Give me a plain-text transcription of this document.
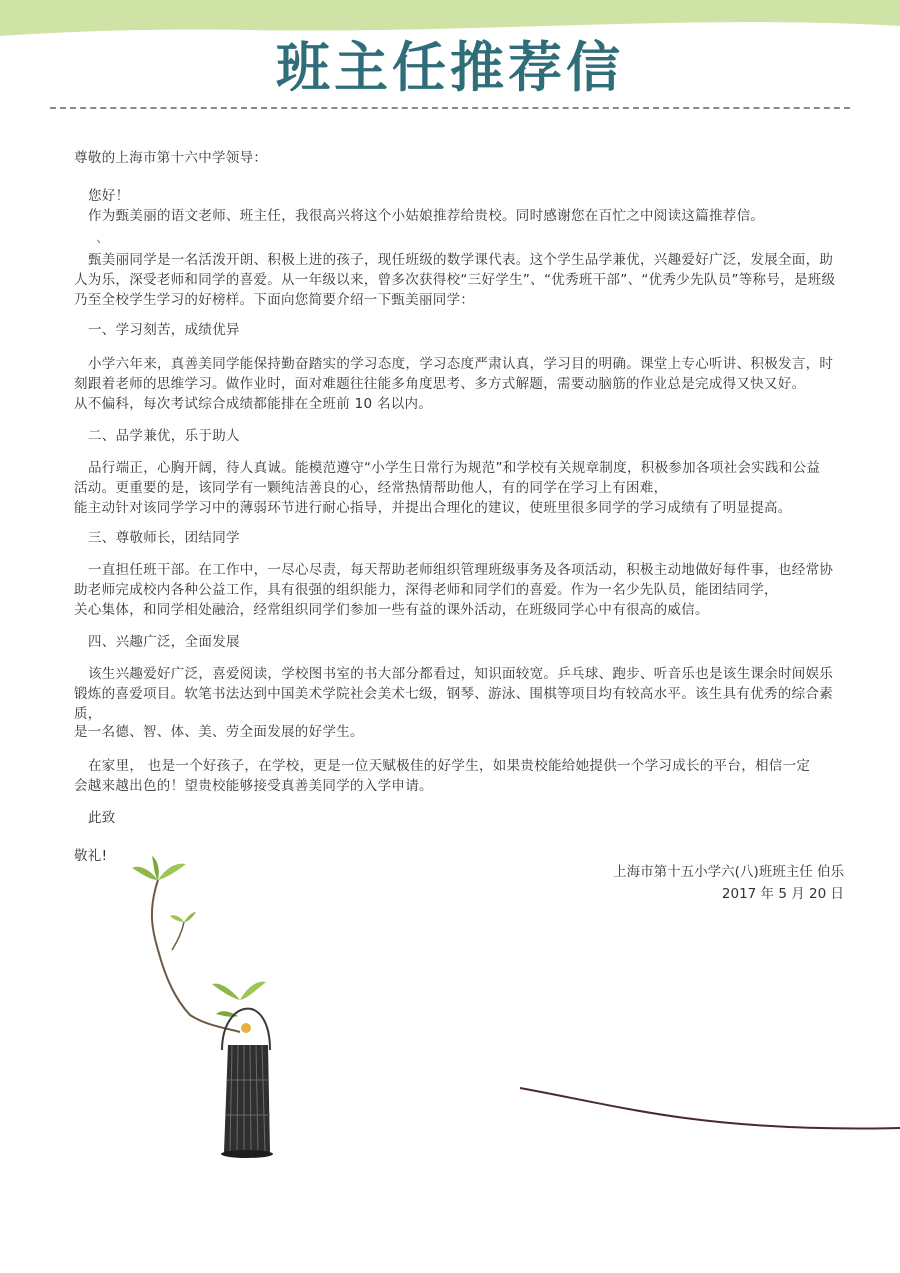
班主任推荐信

尊敬的上海市第十六中学领导：

您好！

作为甄美丽的语文老师、班主任，我很高兴将这个小姑娘推荐给贵校。同时感谢您在百忙之中阅读这篇推荐信。

、

甄美丽同学是一名活泼开朗、积极上进的孩子，现任班级的数学课代表。这个学生品学兼优，兴趣爱好广泛，发展全面，助

人为乐，深受老师和同学的喜爱。从一年级以来，曾多次获得校“三好学生”、“优秀班干部”、“优秀少先队员”等称号，是班级

乃至全校学生学习的好榜样。下面向您简要介绍一下甄美丽同学：

一、学习刻苦，成绩优异

小学六年来，真善美同学能保持勤奋踏实的学习态度，学习态度严肃认真，学习目的明确。课堂上专心听讲、积极发言，时

刻跟着老师的思维学习。做作业时，面对难题往往能多角度思考、多方式解题，需要动脑筋的作业总是完成得又快又好。

从不偏科，每次考试综合成绩都能排在全班前 10 名以内。

二、品学兼优，乐于助人

品行端正，心胸开阔，待人真诚。能模范遵守“小学生日常行为规范”和学校有关规章制度，积极参加各项社会实践和公益

活动。更重要的是，该同学有一颗纯洁善良的心，经常热情帮助他人，有的同学在学习上有困难，

能主动针对该同学学习中的薄弱环节进行耐心指导，并提出合理化的建议，使班里很多同学的学习成绩有了明显提高。

三、尊敬师长，团结同学

一直担任班干部。在工作中，一尽心尽责，每天帮助老师组织管理班级事务及各项活动，积极主动地做好每件事，也经常协

助老师完成校内各种公益工作，具有很强的组织能力，深得老师和同学们的喜爱。作为一名少先队员，能团结同学，

关心集体，和同学相处融洽，经常组织同学们参加一些有益的课外活动，在班级同学心中有很高的威信。

四、兴趣广泛，全面发展

该生兴趣爱好广泛，喜爱阅读，学校图书室的书大部分都看过，知识面较宽。乒乓球、跑步、听音乐也是该生课余时间娱乐

锻炼的喜爱项目。软笔书法达到中国美术学院社会美术七级，钢琴、游泳、围棋等项目均有较高水平。该生具有优秀的综合素

质，

是一名德、智、体、美、劳全面发展的好学生。

在家里， 也是一个好孩子，在学校，更是一位天赋极佳的好学生，如果贵校能给她提供一个学习成长的平台，相信一定

会越来越出色的！望贵校能够接受真善美同学的入学申请。

此致

敬礼!

上海市第十五小学六(八)班班主任 伯乐
2017 年 5 月 20 日
